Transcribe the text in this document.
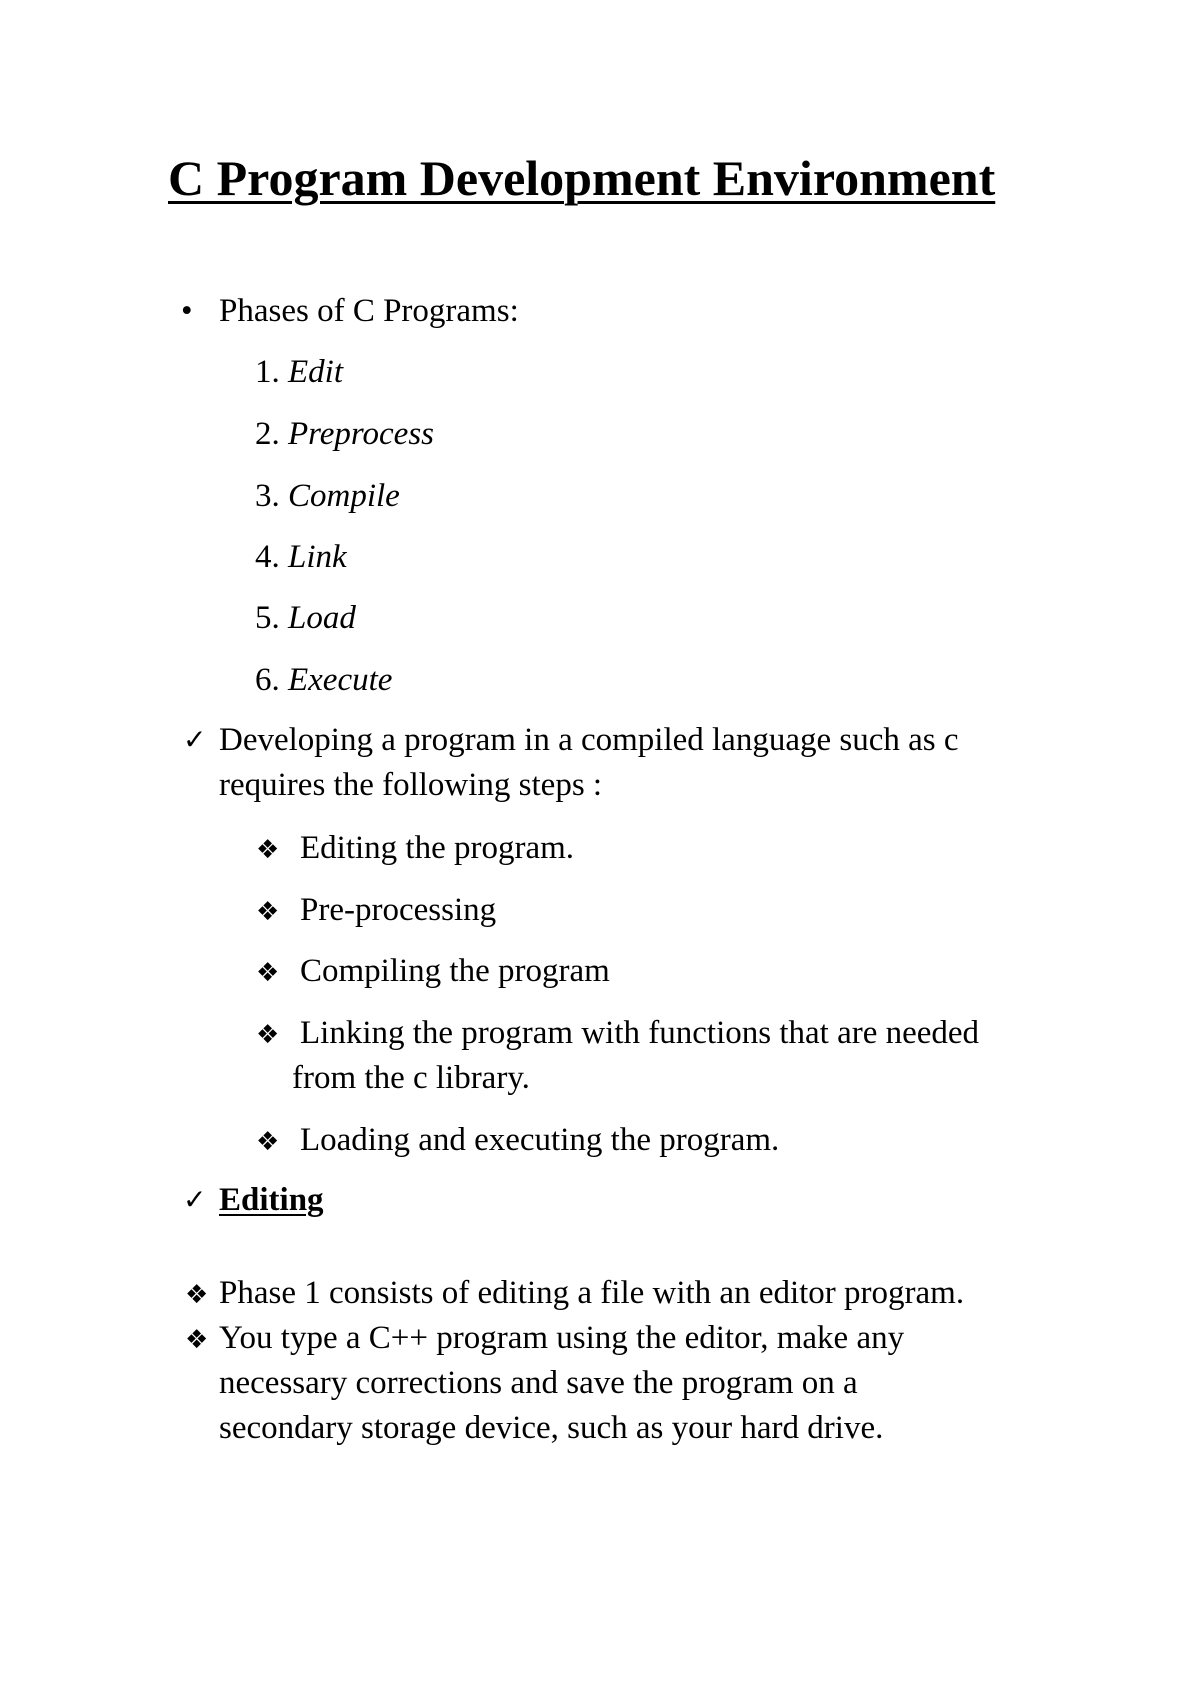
C Program Development Environment
• Phases of C Programs:
1. Edit
2. Preprocess
3. Compile
4. Link
5. Load
6. Execute
✓ Developing a program in a compiled language such as c
requires the following steps :
❖ Editing the program.
❖ Pre-processing
❖ Compiling the program
❖ Linking the program with functions that are needed
from the c library.
❖ Loading and executing the program.
✓ Editing
❖ Phase 1 consists of editing a file with an editor program.
❖ You type a C++ program using the editor, make any
necessary corrections and save the program on a
secondary storage device, such as your hard drive.
